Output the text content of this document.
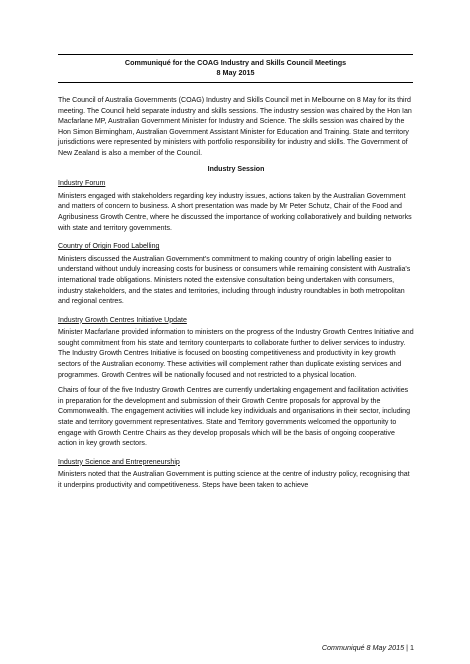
Communiqué for the COAG Industry and Skills Council Meetings
8 May 2015

The Council of Australia Governments (COAG) Industry and Skills Council met in Melbourne on 8 May for its third meeting. The Council held separate industry and skills sessions. The industry session was chaired by the Hon Ian Macfarlane MP, Australian Government Minister for Industry and Science. The skills session was chaired by the Hon Simon Birmingham, Australian Government Assistant Minister for Education and Training. State and territory jurisdictions were represented by ministers with portfolio responsibility for industry and skills. The Government of New Zealand is also a member of the Council.

Industry Session
Industry Forum

Ministers engaged with stakeholders regarding key industry issues, actions taken by the Australian Government and matters of concern to business. A short presentation was made by Mr Peter Schutz, Chair of the Food and Agribusiness Growth Centre, where he discussed the importance of working collaboratively and building networks with state and territory governments.

Country of Origin Food Labelling

Ministers discussed the Australian Government's commitment to making country of origin labelling easier to understand without unduly increasing costs for business or consumers while remaining consistent with Australia's international trade obligations. Ministers noted the extensive consultation being undertaken with consumers, industry stakeholders, and the states and territories, including through industry roundtables in both metropolitan and regional centres.

Industry Growth Centres Initiative Update

Minister Macfarlane provided information to ministers on the progress of the Industry Growth Centres Initiative and sought commitment from his state and territory counterparts to collaborate further to deliver services to industry. The Industry Growth Centres Initiative is focused on boosting competitiveness and productivity in key growth sectors of the Australian economy. These activities will complement rather than duplicate existing services and programmes. Growth Centres will be nationally focused and not restricted to a physical location.

Chairs of four of the five Industry Growth Centres are currently undertaking engagement and facilitation activities in preparation for the development and submission of their Growth Centre proposals for approval by the Commonwealth. The engagement activities will include key individuals and organisations in their sector, including state and territory government representatives. State and Territory governments welcomed the opportunity to engage with Growth Centre Chairs as they develop proposals which will be the basis of ongoing cooperative action in key growth sectors.

Industry Science and Entrepreneurship

Ministers noted that the Australian Government is putting science at the centre of industry policy, recognising that it underpins productivity and competitiveness. Steps have been taken to achieve

Communiqué 8 May 2015 | 1
